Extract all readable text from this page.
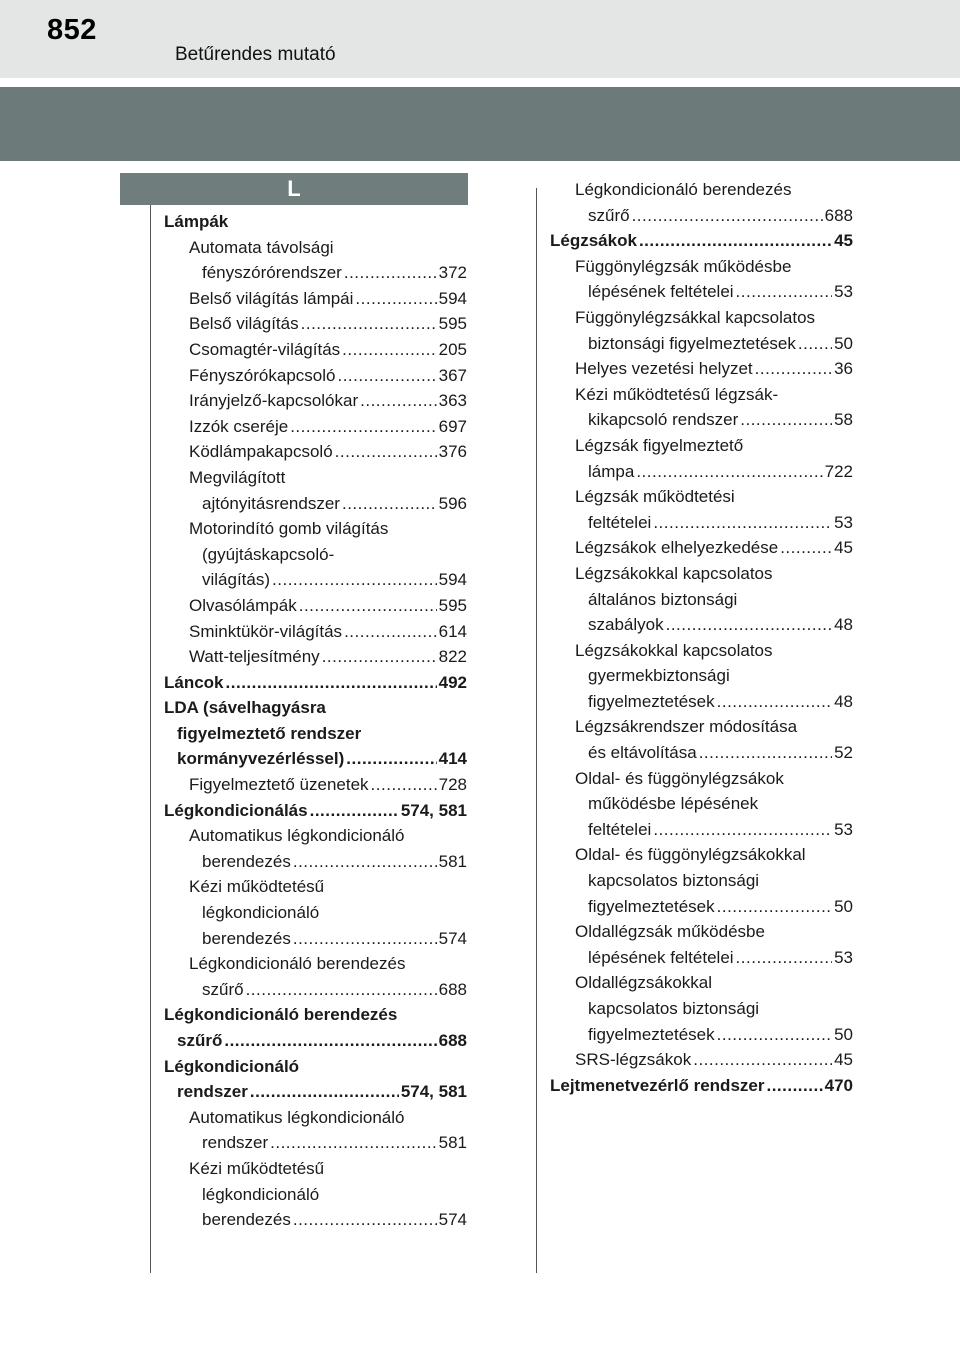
852
Betűrendes mutató
L
Lámpák
Automata távolsági
fényszórórendszer .....	372
Belső világítás lámpái .....	594
Belső világítás .....	595
Csomagtér-világítás .....	205
Fényszórókapcsoló .....	367
Irányjelző-kapcsolókar .....	363
Izzók cseréje .....	697
Ködlámpakapcsoló .....	376
Megvilágított
ajtónyitásrendszer .....	596
Motorindító gomb világítás
(gyújtáskapcsoló-
világítás) .....	594
Olvasólámpák .....	595
Sminktükör-világítás .....	614
Watt-teljesítmény .....	822
Láncok .....	492
LDA (sávelhagyásra
figyelmeztető rendszer
kormányvezérléssel) .....	414
Figyelmeztető üzenetek .....	728
Légkondicionálás .....	574, 581
Automatikus légkondicionáló
berendezés .....	581
Kézi működtetésű
légkondicionáló
berendezés .....	574
Légkondicionáló berendezés
szűrő .....	688
Légkondicionáló berendezés
szűrő .....	688
Légkondicionáló
rendszer .....	574, 581
Automatikus légkondicionáló
rendszer .....	581
Kézi működtetésű
légkondicionáló
berendezés .....	574
Légkondicionáló berendezés
szűrő .....	688
Légzsákok .....	45
Függönylégzsák működésbe
lépésének feltételei .....	53
Függönylégzsákkal kapcsolatos
biztonsági figyelmeztetések ..... 50
Helyes vezetési helyzet .....	36
Kézi működtetésű légzsák-
kikapcsoló rendszer .....	58
Légzsák figyelmeztető
lámpa .....	722
Légzsák működtetési
feltételei .....	53
Légzsákok elhelyezkedése .....	45
Légzsákokkal kapcsolatos
általános biztonsági
szabályok .....	48
Légzsákokkal kapcsolatos
gyermekbiztonsági
figyelmeztetések .....	48
Légzsákrendszer módosítása
és eltávolítása .....	52
Oldal- és függönylégzsákok
működésbe lépésének
feltételei .....	53
Oldal- és függönylégzsákokkal
kapcsolatos biztonsági
figyelmeztetések .....	50
Oldallégzsák működésbe
lépésének feltételei .....	53
Oldallégzsákokkal
kapcsolatos biztonsági
figyelmeztetések .....	50
SRS-légzsákok .....	45
Lejtmenetvezérlő rendszer .....	470
